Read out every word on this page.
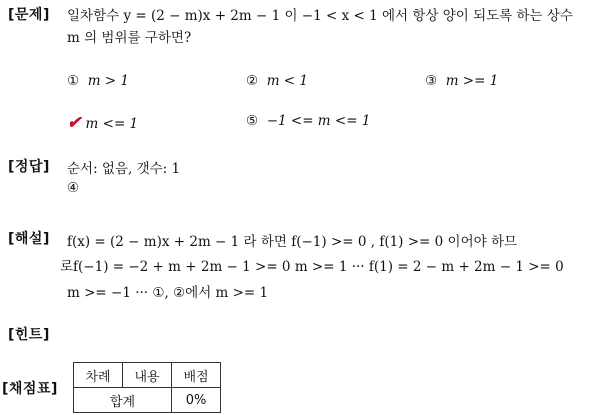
[문제] 일차함수 y = (2 − m)x + 2m − 1 이 −1 < x < 1 에서 항상 양이 되도록 하는 상수
m 의 범위를 구하면?
① m > 1	② m < 1	③ m >= 1
✔ m <= 1	⑤ −1 <= m <= 1
[정답] 순서: 없음, 갯수: 1
④
[해설] f(x) = (2 − m)x + 2m − 1 라 하면 f(−1) >= 0 , f(1) >= 0 이어야 하므
로f(−1) = −2 + m + 2m − 1 >= 0 m >= 1 ··· f(1) = 2 − m + 2m − 1 >= 0
m >= −1 ··· ①, ②에서 m >= 1
[힌트]
[채점표]
차례	내용	배점
합계		0%
